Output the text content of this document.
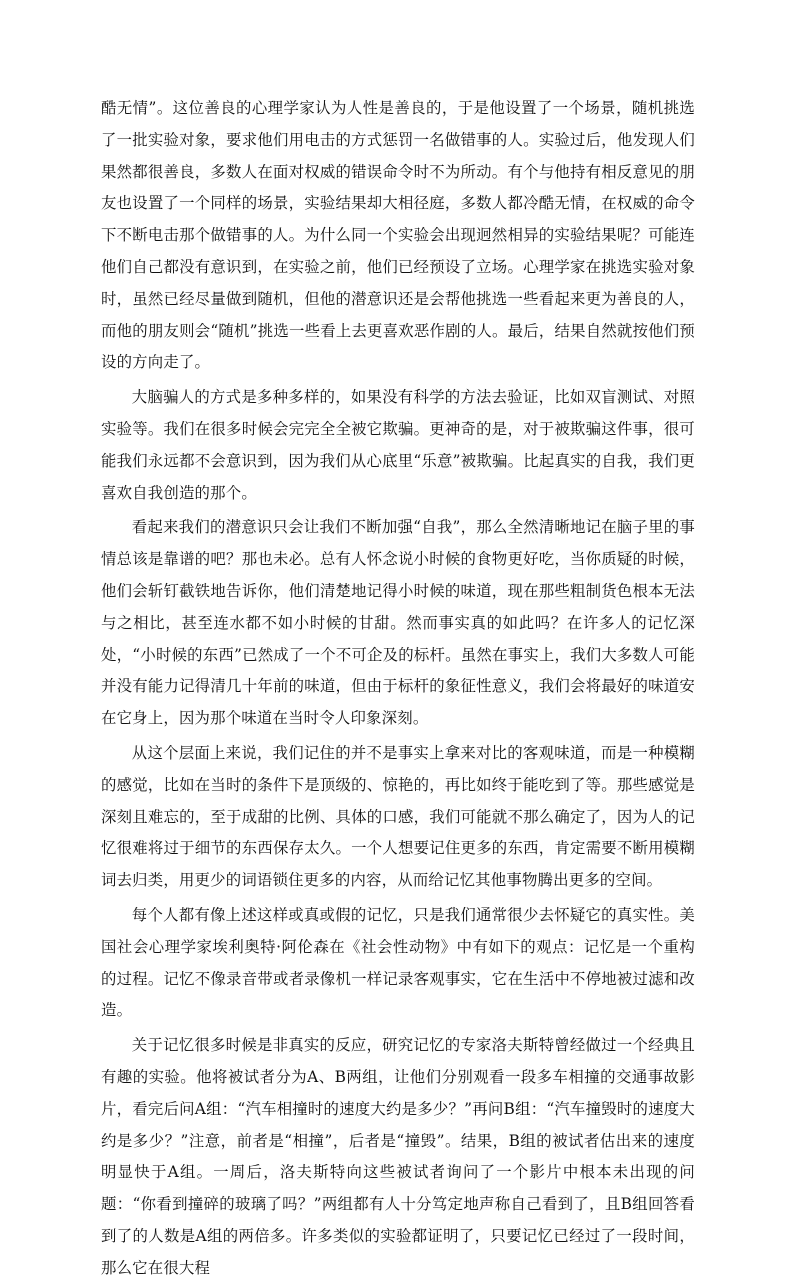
酷无情”。这位善良的心理学家认为人性是善良的，于是他设置了一个场景，随机挑选了一批实验对象，要求他们用电击的方式惩罚一名做错事的人。实验过后，他发现人们果然都很善良，多数人在面对权威的错误命令时不为所动。有个与他持有相反意见的朋友也设置了一个同样的场景，实验结果却大相径庭，多数人都冷酷无情，在权威的命令下不断电击那个做错事的人。为什么同一个实验会出现迥然相异的实验结果呢？可能连他们自己都没有意识到，在实验之前，他们已经预设了立场。心理学家在挑选实验对象时，虽然已经尽量做到随机，但他的潜意识还是会帮他挑选一些看起来更为善良的人，而他的朋友则会“随机”挑选一些看上去更喜欢恶作剧的人。最后，结果自然就按他们预设的方向走了。

大脑骗人的方式是多种多样的，如果没有科学的方法去验证，比如双盲测试、对照实验等。我们在很多时候会完完全全被它欺骗。更神奇的是，对于被欺骗这件事，很可能我们永远都不会意识到，因为我们从心底里“乐意”被欺骗。比起真实的自我，我们更喜欢自我创造的那个。

看起来我们的潜意识只会让我们不断加强“自我”，那么全然清晰地记在脑子里的事情总该是靠谱的吧？那也未必。总有人怀念说小时候的食物更好吃，当你质疑的时候，他们会斩钉截铁地告诉你，他们清楚地记得小时候的味道，现在那些粗制货色根本无法与之相比，甚至连水都不如小时候的甘甜。然而事实真的如此吗？在许多人的记忆深处，“小时候的东西”已然成了一个不可企及的标杆。虽然在事实上，我们大多数人可能并没有能力记得清几十年前的味道，但由于标杆的象征性意义，我们会将最好的味道安在它身上，因为那个味道在当时令人印象深刻。

从这个层面上来说，我们记住的并不是事实上拿来对比的客观味道，而是一种模糊的感觉，比如在当时的条件下是顶级的、惊艳的，再比如终于能吃到了等。那些感觉是深刻且难忘的，至于成甜的比例、具体的口感，我们可能就不那么确定了，因为人的记忆很难将过于细节的东西保存太久。一个人想要记住更多的东西，肯定需要不断用模糊词去归类，用更少的词语锁住更多的内容，从而给记忆其他事物腾出更多的空间。

每个人都有像上述这样或真或假的记忆，只是我们通常很少去怀疑它的真实性。美国社会心理学家埃利奥特·阿伦森在《社会性动物》中有如下的观点：记忆是一个重构的过程。记忆不像录音带或者录像机一样记录客观事实，它在生活中不停地被过滤和改造。

关于记忆很多时候是非真实的反应，研究记忆的专家洛夫斯特曾经做过一个经典且有趣的实验。他将被试者分为A、B两组，让他们分别观看一段多车相撞的交通事故影片，看完后问A组：“汽车相撞时的速度大约是多少？”再问B组：“汽车撞毁时的速度大约是多少？”注意，前者是“相撞”，后者是“撞毁”。结果，B组的被试者估出来的速度明显快于A组。一周后，洛夫斯特向这些被试者询问了一个影片中根本未出现的问题：“你看到撞碎的玻璃了吗？”两组都有人十分笃定地声称自己看到了，且B组回答看到了的人数是A组的两倍多。许多类似的实验都证明了，只要记忆已经过了一段时间，那么它在很大程
